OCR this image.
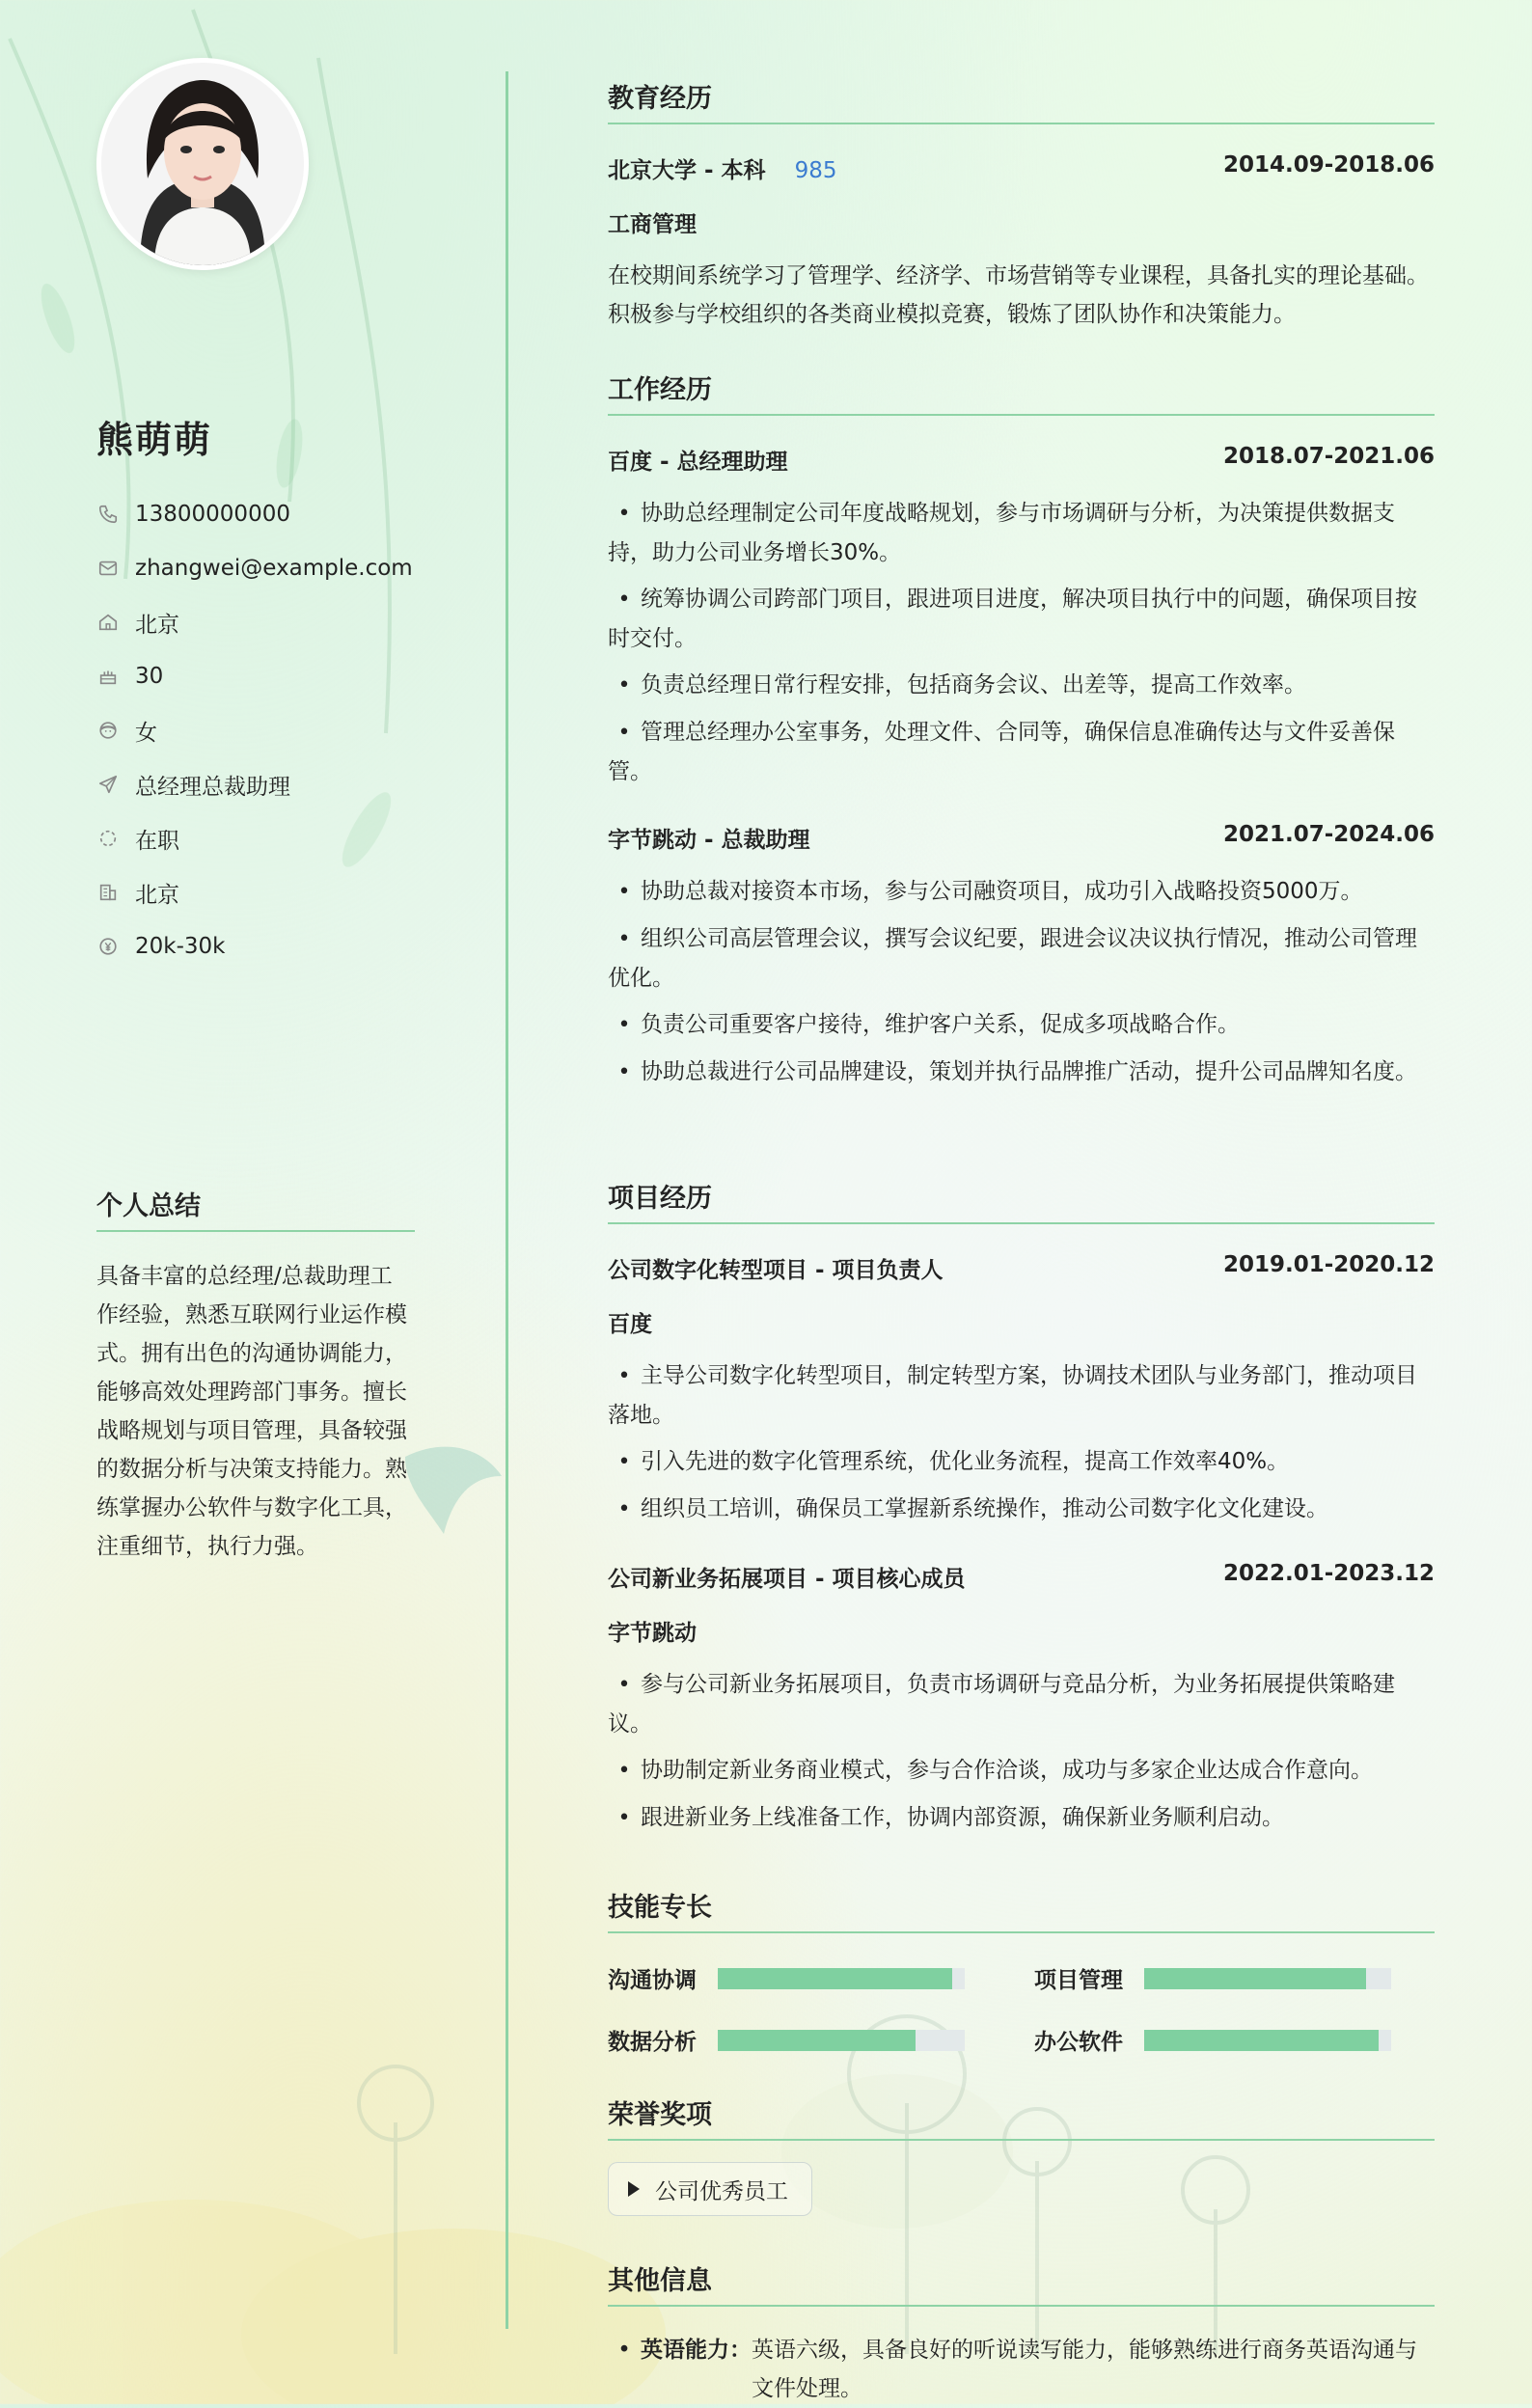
熊萌萌
13800000000
zhangwei@example.com
北京
30
女
总经理总裁助理
在职
北京
20k-30k
个人总结
具备丰富的总经理/总裁助理工作经验，熟悉互联网行业运作模式。拥有出色的沟通协调能力，能够高效处理跨部门事务。擅长战略规划与项目管理，具备较强的数据分析与决策支持能力。熟练掌握办公软件与数字化工具，注重细节，执行力强。
教育经历
北京大学 - 本科 985	2014.09-2018.06
工商管理
在校期间系统学习了管理学、经济学、市场营销等专业课程，具备扎实的理论基础。积极参与学校组织的各类商业模拟竞赛，锻炼了团队协作和决策能力。
工作经历
百度 - 总经理助理	2018.07-2021.06
• 协助总经理制定公司年度战略规划，参与市场调研与分析，为决策提供数据支持，助力公司业务增长30%。
• 统筹协调公司跨部门项目，跟进项目进度，解决项目执行中的问题，确保项目按时交付。
• 负责总经理日常行程安排，包括商务会议、出差等，提高工作效率。
• 管理总经理办公室事务，处理文件、合同等，确保信息准确传达与文件妥善保管。
字节跳动 - 总裁助理	2021.07-2024.06
• 协助总裁对接资本市场，参与公司融资项目，成功引入战略投资5000万。
• 组织公司高层管理会议，撰写会议纪要，跟进会议决议执行情况，推动公司管理优化。
• 负责公司重要客户接待，维护客户关系，促成多项战略合作。
• 协助总裁进行公司品牌建设，策划并执行品牌推广活动，提升公司品牌知名度。
项目经历
公司数字化转型项目 - 项目负责人	2019.01-2020.12
百度
• 主导公司数字化转型项目，制定转型方案，协调技术团队与业务部门，推动项目落地。
• 引入先进的数字化管理系统，优化业务流程，提高工作效率40%。
• 组织员工培训，确保员工掌握新系统操作，推动公司数字化文化建设。
公司新业务拓展项目 - 项目核心成员	2022.01-2023.12
字节跳动
• 参与公司新业务拓展项目，负责市场调研与竞品分析，为业务拓展提供策略建议。
• 协助制定新业务商业模式，参与合作洽谈，成功与多家企业达成合作意向。
• 跟进新业务上线准备工作，协调内部资源，确保新业务顺利启动。
技能专长
沟通协调	项目管理
数据分析	办公软件
荣誉奖项
公司优秀员工
其他信息
• 英语能力： 英语六级，具备良好的听说读写能力，能够熟练进行商务英语沟通与文件处理。
